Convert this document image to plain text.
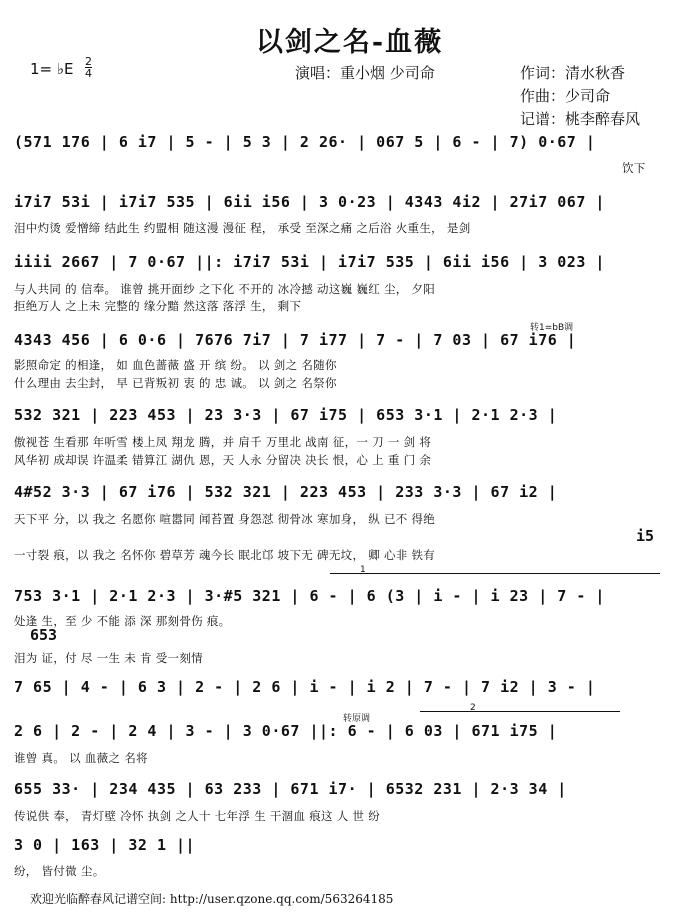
以剑之名-血薇
1= ♭E 2
4	演唱：重小烟 少司命	作词：清水秋香
作曲：少司命
记谱：桃李醉春风
(571 176 | 6 i7 | 5 - | 5 3 | 2 26· | 067 5 | 6 - | 7) 0·67 |
饮下
i7i7 53i | i7i7 535 | 6ii i56 | 3 0·23 | 4343 4i2 | 27i7 067 |
泪中灼烫 爱憎缔 结此生 约盟相 随这漫 漫征 程， 承受 至深之痛 之后浴 火重生， 是剑
iiii 2667 | 7 0·67 ||: i7i7 53i | i7i7 535 | 6ii i56 | 3 023 |
与人共同 的 信奉。 谁曾 挑开面纱 之下化 不开的 冰冷撼 动这巍 巍红 尘， 夕阳
拒绝万人 之上未 完整的 缘分黯 然这落 落浮 生， 剩下
转1=bB调
4343 456 | 6 0·6 | 7676 7i7 | 7 i77 | 7 - | 7 03 | 67 i76 |
影照命定 的相逢， 如 血色蔷薇 盛 开 缤 纷。 以 剑之 名随你
什么理由 去尘封， 早 已背叛初 衷 的 忠 诚。 以 剑之 名祭你
532 321 | 223 453 | 23 3·3 | 67 i75 | 653 3·1 | 2·1 2·3 |
傲视苍 生看那 年听雪 楼上凤 翔龙 腾，并 肩千 万里北 战南 征，一 刀 一 剑 将
风华初 成却误 许温柔 错算江 湖仇 恩，天 人永 分留决 决长 恨，心 上 重 门 余
4#52 3·3 | 67 i76 | 532 321 | 223 453 | 233 3·3 | 67 i2 |
天下平 分，以 我之 名愿你 喧嚣同 闻苔置 身怨怼 彻骨冰 寒加身， 纵 已不 得绝
i5
一寸裂 痕，以 我之 名怀你 碧草芳 魂今长 眠北邙 坡下无 碑无坟， 卿 心非 铁有
1
753 3·1 | 2·1 2·3 | 3·#5 321 | 6 - | 6 (3 | i - | i 23 | 7 - |
处逢 生，至 少 不能 添 深 那刻骨伤 痕。
653
泪为 证，付 尽 一生 未 肯 受一刻情
7 65 | 4 - | 6 3 | 2 - | 2 6 | i - | i 2 | 7 - | 7 i2 | 3 - |
转原调
2
2 6 | 2 - | 2 4 | 3 - | 3 0·67 ||: 6 - | 6 03 | 671 i75 |
谁曾 真。 以 血薇之 名将
655 33· | 234 435 | 63 233 | 671 i7· | 6532 231 | 2·3 34 |
传说供 奉， 青灯壁 冷怀 执剑 之人十 七年浮 生 干涸血 痕这 人 世 纷
3 0 | 163 | 32 1 ||
纷， 皆付微 尘。
欢迎光临醉春风记谱空间: http://user.qzone.qq.com/563264185
